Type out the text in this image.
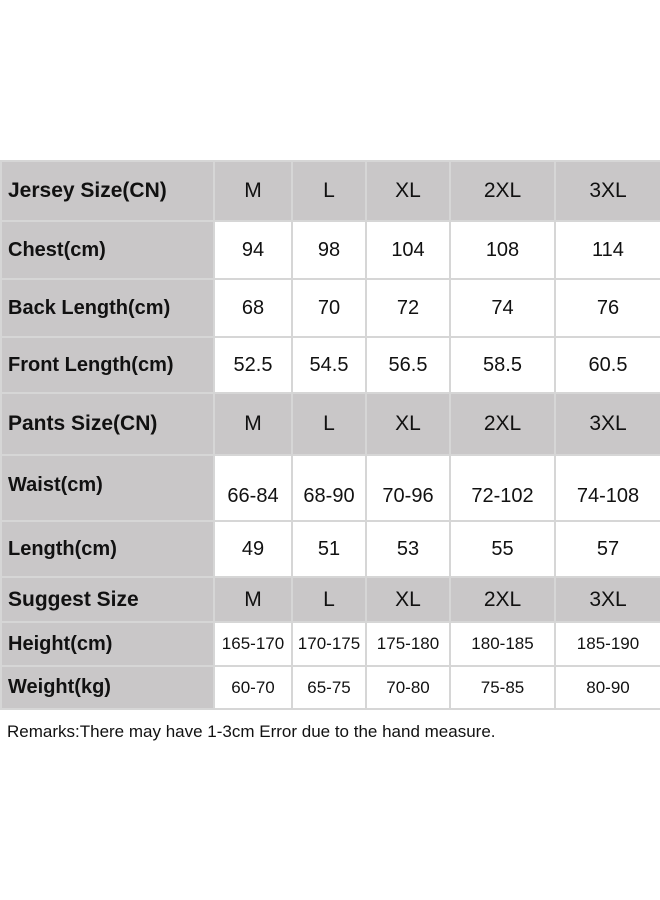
Jersey Size(CN)	M	L	XL	2XL	3XL
Chest(cm)	94	98	104	108	114
Back Length(cm)	68	70	72	74	76
Front Length(cm)	52.5	54.5	56.5	58.5	60.5
Pants Size(CN)	M	L	XL	2XL	3XL
Waist(cm)	66-84	68-90	70-96	72-102	74-108
Length(cm)	49	51	53	55	57
Suggest Size	M	L	XL	2XL	3XL
Height(cm)	165-170	170-175	175-180	180-185	185-190
Weight(kg)	60-70	65-75	70-80	75-85	80-90
Remarks:There may have 1-3cm Error due to the hand measure.
